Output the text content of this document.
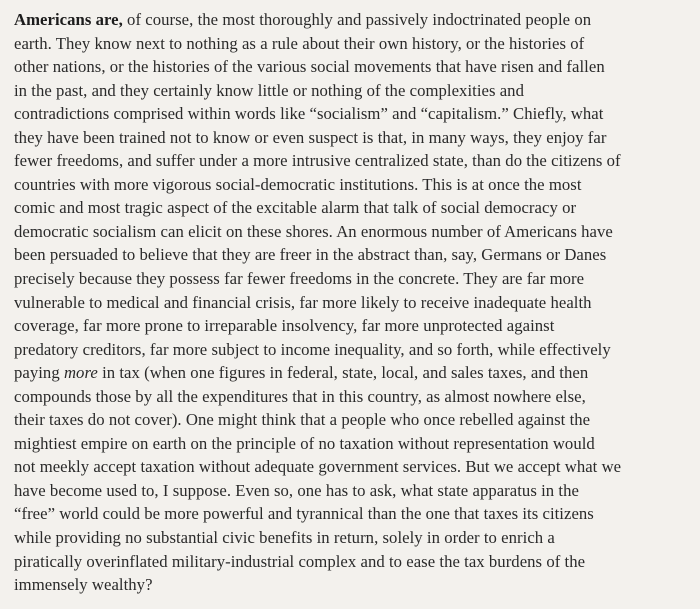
Americans are, of course, the most thoroughly and passively indoctrinated people on
earth. They know next to nothing as a rule about their own history, or the histories of
other nations, or the histories of the various social movements that have risen and fallen
in the past, and they certainly know little or nothing of the complexities and
contradictions comprised within words like “socialism” and “capitalism.” Chiefly, what
they have been trained not to know or even suspect is that, in many ways, they enjoy far
fewer freedoms, and suffer under a more intrusive centralized state, than do the citizens of
countries with more vigorous social-democratic institutions. This is at once the most
comic and most tragic aspect of the excitable alarm that talk of social democracy or
democratic socialism can elicit on these shores. An enormous number of Americans have
been persuaded to believe that they are freer in the abstract than, say, Germans or Danes
precisely because they possess far fewer freedoms in the concrete. They are far more
vulnerable to medical and financial crisis, far more likely to receive inadequate health
coverage, far more prone to irreparable insolvency, far more unprotected against
predatory creditors, far more subject to income inequality, and so forth, while effectively
paying more in tax (when one figures in federal, state, local, and sales taxes, and then
compounds those by all the expenditures that in this country, as almost nowhere else,
their taxes do not cover). One might think that a people who once rebelled against the
mightiest empire on earth on the principle of no taxation without representation would
not meekly accept taxation without adequate government services. But we accept what we
have become used to, I suppose. Even so, one has to ask, what state apparatus in the
“free” world could be more powerful and tyrannical than the one that taxes its citizens
while providing no substantial civic benefits in return, solely in order to enrich a
piratically overinflated military-industrial complex and to ease the tax burdens of the
immensely wealthy?
